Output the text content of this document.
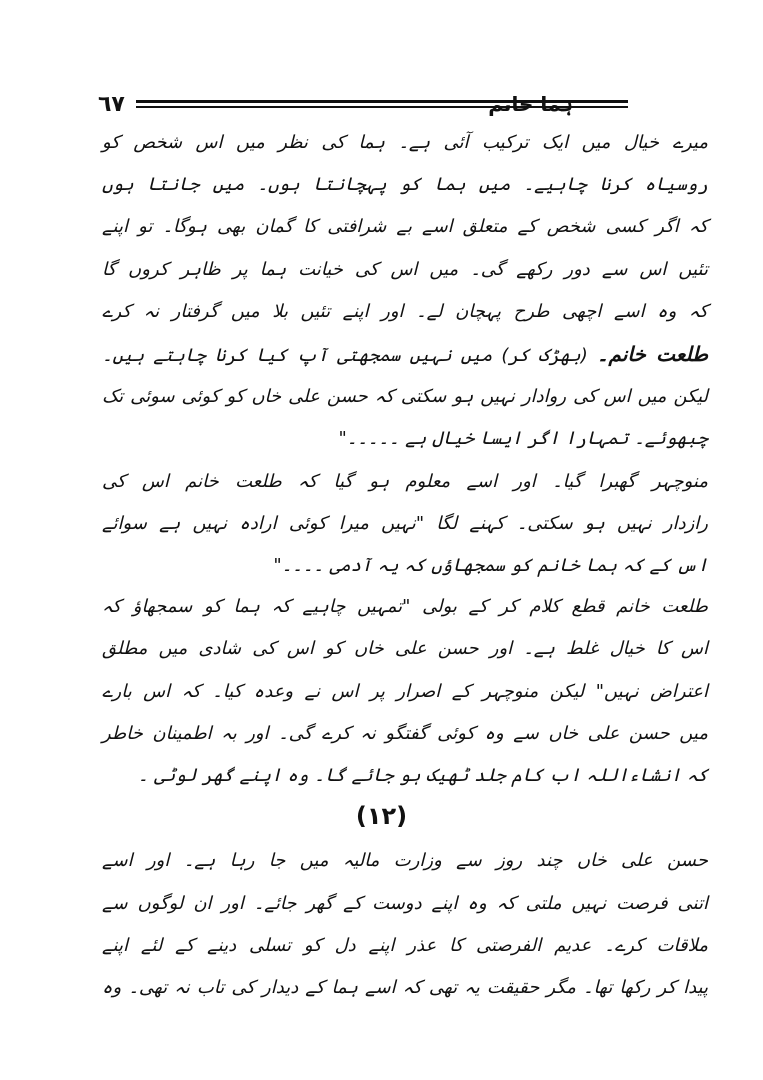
٦٧	ہما خانم
میرے خیال میں ایک ترکیب آئی ہے۔ ہما کی نظر میں اس شخص کو
روسیاہ کرنا چاہیے۔ میں ہما کو پہچانتا ہوں۔ میں جانتا ہوں
کہ اگر کسی شخص کے متعلق اسے بے شرافتی کا گمان بھی ہوگا۔ تو اپنے
تئیں اس سے دور رکھے گی۔ میں اس کی خیانت ہما پر ظاہر کروں گا
کہ وہ اسے اچھی طرح پہچان لے۔ اور اپنے تئیں بلا میں گرفتار نہ کرے
طلعت خانم۔ (بھڑک کر) میں نہیں سمجھتی آپ کیا کرنا چاہتے ہیں۔
لیکن میں اس کی روادار نہیں ہو سکتی کہ حسن علی خاں کو کوئی سوئی تک
چبھوئے۔ تمہارا اگر ایسا خیال ہے ۔۔۔۔۔"
منوچہر گھبرا گیا۔ اور اسے معلوم ہو گیا کہ طلعت خانم اس کی
رازدار نہیں ہو سکتی۔ کہنے لگا "نہیں میرا کوئی ارادہ نہیں ہے سوائے
اس کے کہ ہما خانم کو سمجھاؤں کہ یہ آدمی ۔۔۔۔"
طلعت خانم قطع کلام کر کے بولی "تمہیں چاہیے کہ ہما کو سمجھاؤ کہ
اس کا خیال غلط ہے۔ اور حسن علی خاں کو اس کی شادی میں مطلق
اعتراض نہیں" لیکن منوچہر کے اصرار پر اس نے وعدہ کیا۔ کہ اس بارے
میں حسن علی خاں سے وہ کوئی گفتگو نہ کرے گی۔ اور بہ اطمینان خاطر
کہ انشاءاللہ اب کام جلد ٹھیک ہو جائے گا۔ وہ اپنے گھر لوٹی ۔
(۱۲)
حسن علی خاں چند روز سے وزارت مالیہ میں جا رہا ہے۔ اور اسے
اتنی فرصت نہیں ملتی کہ وہ اپنے دوست کے گھر جائے۔ اور ان لوگوں سے
ملاقات کرے۔ عدیم الفرصتی کا عذر اپنے دل کو تسلی دینے کے لئے اپنے
پیدا کر رکھا تھا۔ مگر حقیقت یہ تھی کہ اسے ہما کے دیدار کی تاب نہ تھی۔ وہ
